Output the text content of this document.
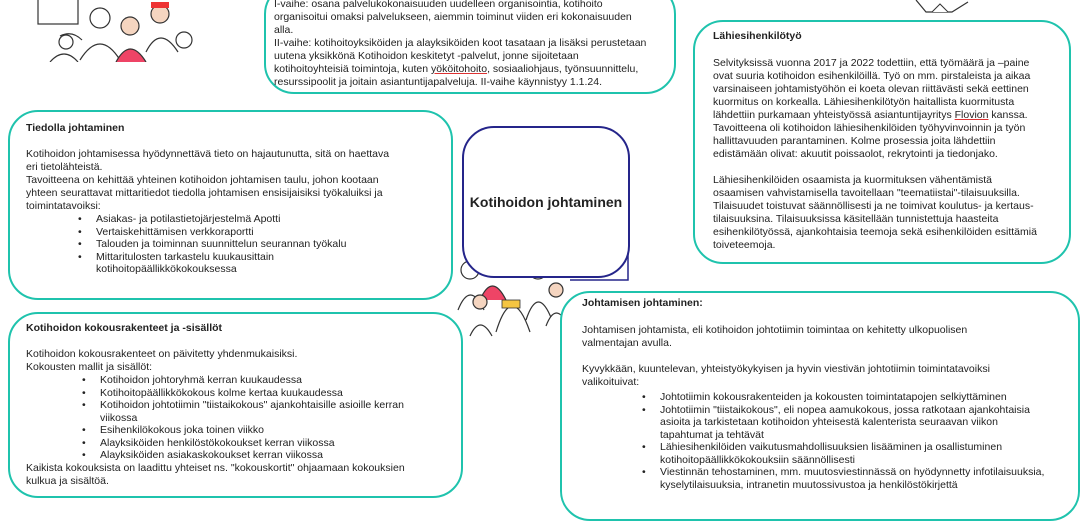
I-vaihe: osana palvelukokonaisuuden uudelleen organisointia, kotihoito
organisoitui omaksi palvelukseen, aiemmin toiminut viiden eri kokonaisuuden
alla.
II-vaihe: kotihoitoyksiköiden ja alayksiköiden koot tasataan ja lisäksi perustetaan
uutena yksikkönä Kotihoidon keskitetyt -palvelut, jonne sijoitetaan
kotihoitoyhteisiä toimintoja, kuten yököitohoito, sosiaaliohjaus, työnsuunnittelu,
resurssipoolit ja joitain asiantuntijapalveluja. II-vaihe käynnistyy 1.1.24.
Lähiesihenkilötyö
Selvityksissä vuonna 2017 ja 2022 todettiin, että työmäärä ja –paine
ovat suuria kotihoidon esihenkilöillä. Työ on mm. pirstaleista ja aikaa
varsinaiseen johtamistyöhön ei koeta olevan riittävästi sekä eettinen
kuormitus on korkealla. Lähiesihenkilötyön haitallista kuormitusta
lähdettiin purkamaan yhteistyössä asiantuntijayritys Flovion kanssa.
Tavoitteena oli kotihoidon lähiesihenkilöiden työhyvinvoinnin ja työn
hallittavuuden parantaminen. Kolme prosessia joita lähdettiin
edistämään olivat: akuutit poissaolot, rekrytointi ja tiedonjako.
Lähiesihenkilöiden osaamista ja kuormituksen vähentämistä
osaamisen vahvistamisella tavoitellaan "teematiistai"-tilaisuuksilla.
Tilaisuudet toistuvat säännöllisesti ja ne toimivat koulutus- ja kertaus-
tilaisuuksina. Tilaisuuksissa käsitellään tunnistettuja haasteita
esihenkilötyössä, ajankohtaisia teemoja sekä esihenkilöiden esittämiä
toiveteemoja.
Tiedolla johtaminen
Kotihoidon johtamisessa hyödynnettävä tieto on hajautunutta, sitä on haettava
eri tietolähteistä.
Tavoitteena on kehittää yhteinen kotihoidon johtamisen taulu, johon kootaan
yhteen seurattavat mittaritiedot tiedolla johtamisen ensisijaisiksi työkaluiksi ja
toimintatavoiksi:
• Asiakas- ja potilastietojärjestelmä Apotti
• Vertaiskehittämisen verkkoraportti
• Talouden ja toiminnan suunnittelun seurannan työkalu
• Mittaritulosten tarkastelu kuukausittain
kotihoitopäällikkökokouksessa
Kotihoidon johtaminen
Kotihoidon kokousrakenteet ja -sisällöt
Kotihoidon kokousrakenteet on päivitetty yhdenmukaisiksi.
Kokousten mallit ja sisällöt:
• Kotihoidon johtoryhmä kerran kuukaudessa
• Kotihoitopäällikkökokous kolme kertaa kuukaudessa
• Kotihoidon johtotiimin "tiistaikokous" ajankohtaisille asioille kerran
viikossa
• Esihenkilökokous joka toinen viikko
• Alayksiköiden henkilöstökokoukset kerran viikossa
• Alayksiköiden asiakaskokoukset kerran viikossa
Kaikista kokouksista on laadittu yhteiset ns. "kokouskortit" ohjaamaan kokouksien
kulkua ja sisältöä.
Johtamisen johtaminen:
Johtamisen johtamista, eli kotihoidon johtotiimin toimintaa on kehitetty ulkopuolisen
valmentajan avulla.
Kyvykkään, kuuntelevan, yhteistyökykyisen ja hyvin viestivän johtotiimin toimintatavoiksi
valikoituivat:
• Johtotiimin kokousrakenteiden ja kokousten toimintatapojen selkiyttäminen
• Johtotiimin "tiistaikokous", eli nopea aamukokous, jossa ratkotaan ajankohtaisia
asioita ja tarkistetaan kotihoidon yhteisestä kalenterista seuraavan viikon
tapahtumat ja tehtävät
• Lähiesihenkilöiden vaikutusmahdollisuuksien lisääminen ja osallistuminen
kotihoitopäällikkökokouksiin säännöllisesti
• Viestinnän tehostaminen, mm. muutosviestinnässä on hyödynnetty infotilaisuuksia,
kyselytilaisuuksia, intranetin muutossivustoa ja henkilöstökirjettä
